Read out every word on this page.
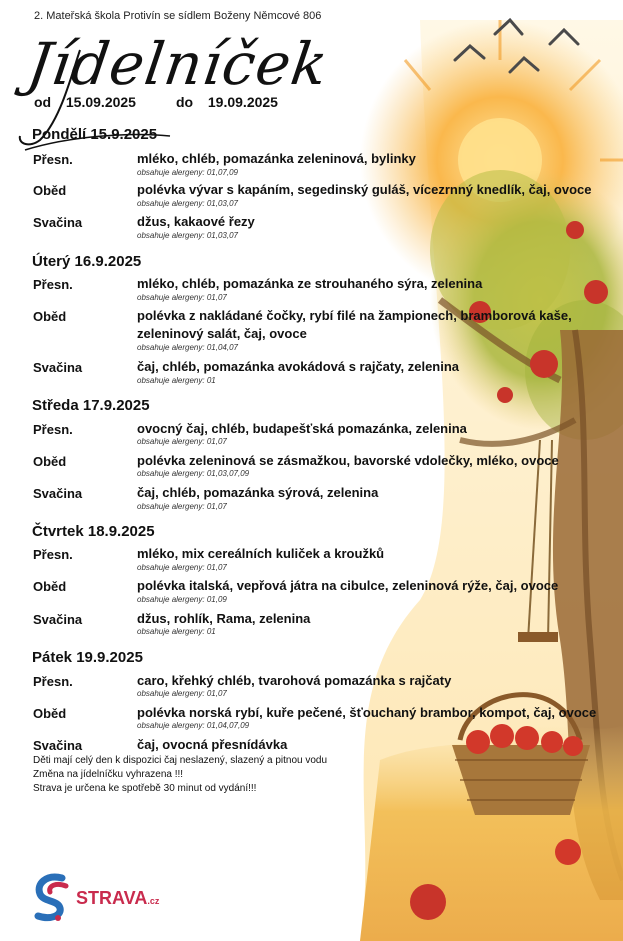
2. Mateřská škola Protivín se sídlem Boženy Němcové 806
Jídelníček
od 15.09.2025	do 19.09.2025
Pondělí 15.9.2025
Přesn.	mléko, chléb, pomazánka zeleninová, bylinky
obsahuje alergeny: 01,07,09
Oběd	polévka vývar s kapáním, segedinský guláš, vícezrnný knedlík, čaj, ovoce
obsahuje alergeny: 01,03,07
Svačina	džus, kakaové řezy
obsahuje alergeny: 01,03,07
Úterý 16.9.2025
Přesn.	mléko, chléb, pomazánka ze strouhaného sýra, zelenina
obsahuje alergeny: 01,07
Oběd	polévka z nakládané čočky, rybí filé na žampionech, bramborová kaše, zeleninový salát, čaj, ovoce
obsahuje alergeny: 01,04,07
Svačina	čaj, chléb, pomazánka avokádová s rajčaty, zelenina
obsahuje alergeny: 01
Středa 17.9.2025
Přesn.	ovocný čaj, chléb, budapešťská pomazánka, zelenina
obsahuje alergeny: 01,07
Oběd	polévka zeleninová se zásmažkou, bavorské vdolečky, mléko, ovoce
obsahuje alergeny: 01,03,07,09
Svačina	čaj, chléb, pomazánka sýrová, zelenina
obsahuje alergeny: 01,07
Čtvrtek 18.9.2025
Přesn.	mléko, mix cereálních kuliček a kroužků
obsahuje alergeny: 01,07
Oběd	polévka italská, vepřová játra na cibulce, zeleninová rýže, čaj, ovoce
obsahuje alergeny: 01,09
Svačina	džus, rohlík, Rama, zelenina
obsahuje alergeny: 01
Pátek 19.9.2025
Přesn.	caro, křehký chléb, tvarohová pomazánka s rajčaty
obsahuje alergeny: 01,07
Oběd	polévka norská rybí, kuře pečené, šťouchaný brambor, kompot, čaj, ovoce
obsahuje alergeny: 01,04,07,09
Svačina	čaj, ovocná přesnídávka
Děti mají celý den k dispozici čaj neslazený, slazený a pitnou vodu
Změna na jídelníčku vyhrazena !!!
Strava je určena ke spotřebě 30 minut od vydání!!!
STRAVA.cz
